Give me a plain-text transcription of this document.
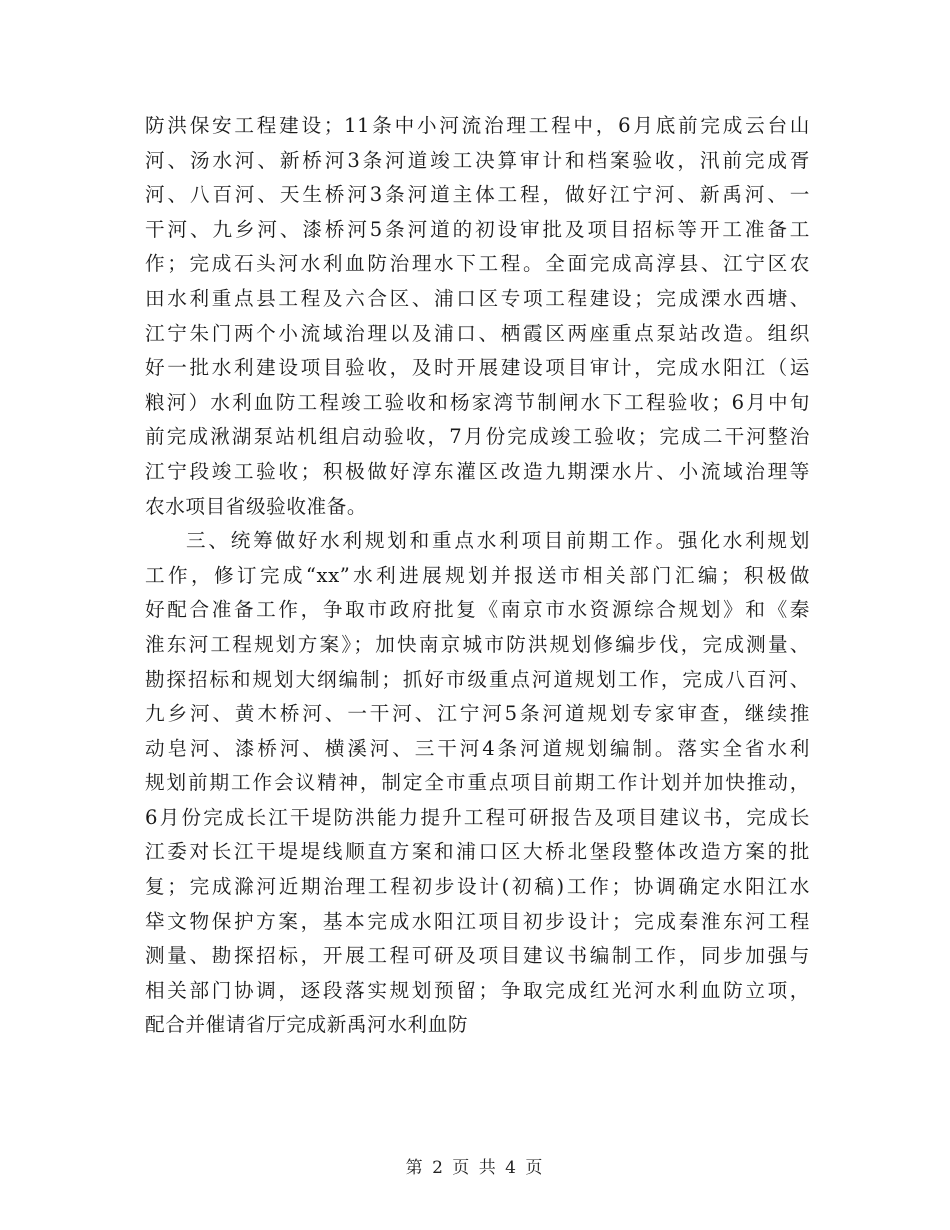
防洪保安工程建设；11条中小河流治理工程中，6月底前完成云台山
河、汤水河、新桥河3条河道竣工决算审计和档案验收，汛前完成胥
河、八百河、天生桥河3条河道主体工程，做好江宁河、新禹河、一
干河、九乡河、漆桥河5条河道的初设审批及项目招标等开工准备工
作；完成石头河水利血防治理水下工程。全面完成高淳县、江宁区农
田水利重点县工程及六合区、浦口区专项工程建设；完成溧水西塘、
江宁朱门两个小流域治理以及浦口、栖霞区两座重点泵站改造。组织
好一批水利建设项目验收，及时开展建设项目审计，完成水阳江（运
粮河）水利血防工程竣工验收和杨家湾节制闸水下工程验收；6月中旬
前完成湫湖泵站机组启动验收，7月份完成竣工验收；完成二干河整治
江宁段竣工验收；积极做好淳东灌区改造九期溧水片、小流域治理等
农水项目省级验收准备。
三、统筹做好水利规划和重点水利项目前期工作。强化水利规划
工作，修订完成“xx”水利进展规划并报送市相关部门汇编；积极做
好配合准备工作，争取市政府批复《南京市水资源综合规划》和《秦
淮东河工程规划方案》；加快南京城市防洪规划修编步伐，完成测量、
勘探招标和规划大纲编制；抓好市级重点河道规划工作，完成八百河、
九乡河、黄木桥河、一干河、江宁河5条河道规划专家审查，继续推
动皂河、漆桥河、横溪河、三干河4条河道规划编制。落实全省水利
规划前期工作会议精神，制定全市重点项目前期工作计划并加快推动，
6月份完成长江干堤防洪能力提升工程可研报告及项目建议书，完成长
江委对长江干堤堤线顺直方案和浦口区大桥北堡段整体改造方案的批
复；完成滁河近期治理工程初步设计(初稿)工作；协调确定水阳江水
牮文物保护方案，基本完成水阳江项目初步设计；完成秦淮东河工程
测量、勘探招标，开展工程可研及项目建议书编制工作，同步加强与
相关部门协调，逐段落实规划预留；争取完成红光河水利血防立项，
配合并催请省厅完成新禹河水利血防
第 2 页 共 4 页
